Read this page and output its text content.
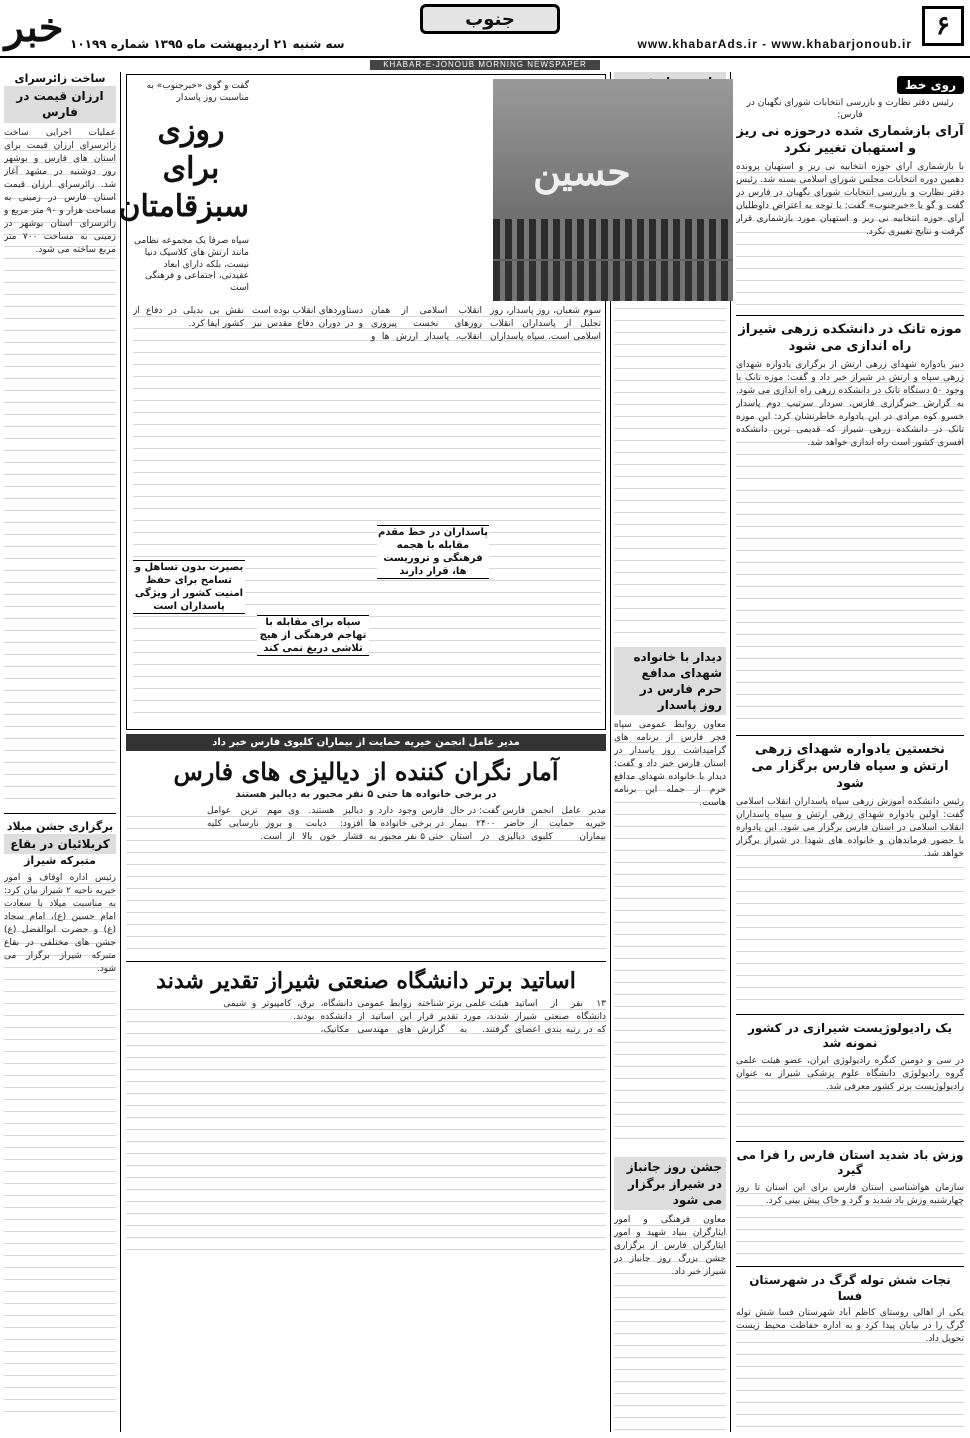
۶
www.khabarAds.ir - www.khabarjonoub.ir
جنوب
سه شنبه ۲۱ اردیبهشت ماه ۱۳۹۵ شماره ۱۰۱۹۹
خبر
KHABAR-E-JONOUB MORNING NEWSPAPER
روی خط
رئیس دفتر نظارت و بازرسی انتخابات شورای نگهبان در فارس:
آرای بازشماری شده درحوزه نی ریز و استهبان تغییر نکرد
با بازشماری آرای حوزه انتخابیه نی ریز و استهبان پرونده دهمین دوره انتخابات مجلس شورای اسلامی بسته شد. رئیس دفتر نظارت و بازرسی انتخابات شورای نگهبان در فارس در گفت و گو با «خبرجنوب» گفت: با توجه به اعتراض داوطلبان آرای حوزه انتخابیه نی ریز و استهبان مورد بازشماری قرار گرفت و نتایج تغییری نکرد.
موزه تانک در دانشکده زرهی شیراز راه اندازی می شود
دبیر یادواره شهدای زرهی ارتش از برگزاری یادواره شهدای زرهی سپاه و ارتش در شیراز خبر داد و گفت: موزه تانک با وجود ۵۰ دستگاه تانک در دانشکده زرهی راه اندازی می شود. به گزارش خبرگزاری فارس، سردار سرتیپ دوم پاسدار خسرو کوه مرادی در این یادواره خاطرنشان کرد: این موزه تانک در دانشکده زرهی شیراز که قدیمی ترین دانشکده افسری کشور است راه اندازی خواهد شد.
نخستین یادواره شهدای زرهی ارتش و سپاه فارس برگزار می شود
رئیس دانشکده آموزش زرهی سپاه پاسداران انقلاب اسلامی گفت: اولین یادواره شهدای زرهی ارتش و سپاه پاسداران انقلاب اسلامی در استان فارس برگزار می شود. این یادواره با حضور فرماندهان و خانواده های شهدا در شیراز برگزار خواهد شد.
یک رادیولوژیست شیرازی در کشور نمونه شد
در سی و دومین کنگره رادیولوژی ایران، عضو هیئت علمی گروه رادیولوژی دانشگاه علوم پزشکی شیراز به عنوان رادیولوژیست برتر کشور معرفی شد.
وزش باد شدید استان فارس را فرا می گیرد
سازمان هواشناسی استان فارس برای این استان تا روز چهارشنبه وزش باد شدید و گرد و خاک پیش بینی کرد.
نجات شش توله گرگ در شهرستان فسا
یکی از اهالی روستای کاظم آباد شهرستان فسا شش توله گرگ را در بیابان پیدا کرد و به اداره حفاظت محیط زیست تحویل داد.
دیدار با خانواده شهدای مدافع حرم فارس در روز پاسدار
معاون روابط عمومی سپاه فجر فارس از برنامه های گرامیداشت روز پاسدار در استان فارس خبر داد و گفت: دیدار با خانواده شهدای مدافع حرم از جمله این برنامه هاست.
جشن روز جانباز در شیراز برگزار می شود
معاون فرهنگی و امور ایثارگران بنیاد شهید و امور ایثارگران فارس از برگزاری جشن بزرگ روز جانباز در شیراز خبر داد.
حسین
گفت و گوی «خبرجنوب» به مناسبت روز پاسدار
روزی برای سبزقامتان
سپاه صرفا یک مجموعه نظامی مانند ارتش های کلاسیک دنیا نیست، بلکه دارای ابعاد عقیدتی، اجتماعی و فرهنگی است
سوم شعبان، روز پاسدار، روز تجلیل از پاسداران انقلاب اسلامی است. سپاه پاسداران انقلاب اسلامی از همان روزهای نخست پیروزی انقلاب، پاسدار ارزش ها و دستاوردهای انقلاب بوده است و در دوران دفاع مقدس نیز نقش بی بدیلی در دفاع از کشور ایفا کرد.
پاسداران در خط مقدم مقابله با هجمه فرهنگی و تروریست ها، قرار دارند
بصیرت بدون تساهل و تسامح برای حفظ امنیت کشور از ویژگی پاسداران است
سپاه برای مقابله با تهاجم فرهنگی از هیچ تلاشی دریغ نمی کند
مدیر عامل انجمن خیریه حمایت از بیماران کلیوی فارس خبر داد
آمار نگران کننده از دیالیزی های فارس
در برخی خانواده ها حتی ۵ نفر مجبور به دیالیز هستند
مدیر عامل انجمن خیریه حمایت از بیماران کلیوی فارس گفت: در حال حاضر ۲۴۰۰ بیمار دیالیزی در استان فارس وجود دارد و در برخی خانواده ها حتی ۵ نفر مجبور به دیالیز هستند. وی افزود: دیابت و فشار خون بالا از مهم ترین عوامل بروز نارسایی کلیه است.
اساتید برتر دانشگاه صنعتی شیراز تقدیر شدند
۱۳ نفر از اساتید دانشگاه صنعتی شیراز که در رتبه بندی اعضای هیئت علمی برتر شناخته شدند، مورد تقدیر قرار گرفتند. به گزارش روابط عمومی دانشگاه، این اساتید از دانشکده های مهندسی مکانیک، برق، کامپیوتر و شیمی بودند.
ساخت زائرسرای
ارزان قیمت در فارس
عملیات اجرایی ساخت زائرسرای ارزان قیمت برای استان های فارس و بوشهر روز دوشنبه در مشهد آغاز شد. زائرسرای ارزان قیمت استان فارس در زمینی به مساحت هزار و ۹۰ متر مربع و زائرسرای استان بوشهر در زمینی به مساحت ۷۰۰ متر مربع ساخته می شود.
برگزاری جشن میلاد
کربلائیان در بقاع
متبرکه شیراز
رئیس اداره اوقاف و امور خیریه ناحیه ۲ شیراز بیان کرد: به مناسبت میلاد با سعادت امام حسین (ع)، امام سجاد (ع) و حضرت ابوالفضل (ع) جشن های مختلفی در بقاع متبرکه شیراز برگزار می شود.
